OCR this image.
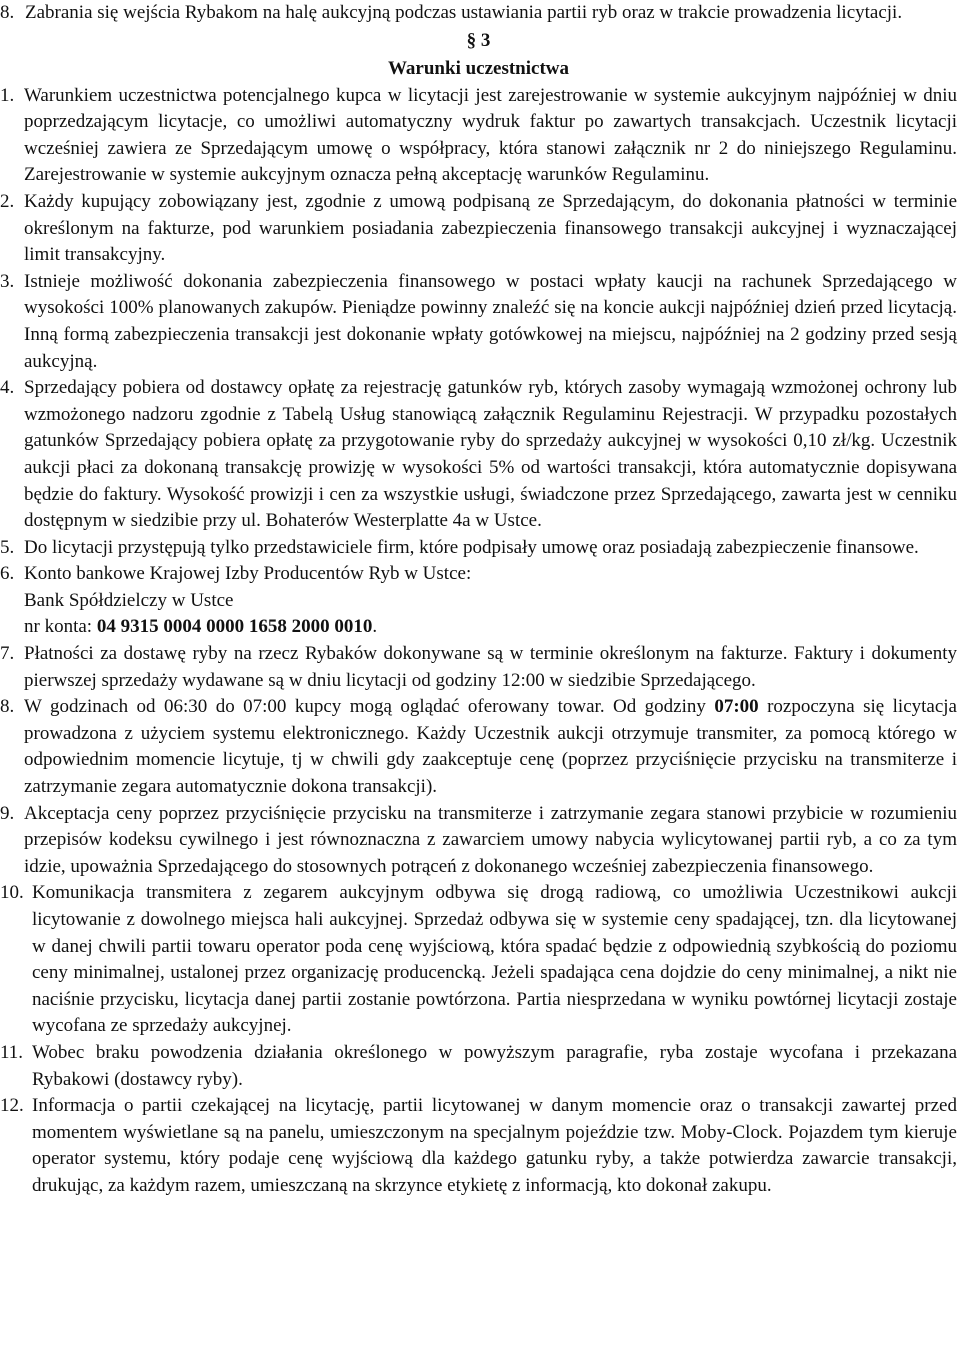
8. Zabrania się wejścia Rybakom na halę aukcyjną podczas ustawiania partii ryb oraz w trakcie prowadzenia licytacji.
§ 3
Warunki uczestnictwa
1. Warunkiem uczestnictwa potencjalnego kupca w licytacji jest zarejestrowanie w systemie aukcyjnym najpóźniej w dniu poprzedzającym licytacje, co umożliwi automatyczny wydruk faktur po zawartych transakcjach. Uczestnik licytacji wcześniej zawiera ze Sprzedającym umowę o współpracy, która stanowi załącznik nr 2 do niniejszego Regulaminu. Zarejestrowanie w systemie aukcyjnym oznacza pełną akceptację warunków Regulaminu.
2. Każdy kupujący zobowiązany jest, zgodnie z umową podpisaną ze Sprzedającym, do dokonania płatności w terminie określonym na fakturze, pod warunkiem posiadania zabezpieczenia finansowego transakcji aukcyjnej i wyznaczającej limit transakcyjny.
3. Istnieje możliwość dokonania zabezpieczenia finansowego w postaci wpłaty kaucji na rachunek Sprzedającego w wysokości 100% planowanych zakupów. Pieniądze powinny znaleźć się na koncie aukcji najpóźniej dzień przed licytacją. Inną formą zabezpieczenia transakcji jest dokonanie wpłaty gotówkowej na miejscu, najpóźniej na 2 godziny przed sesją aukcyjną.
4. Sprzedający pobiera od dostawcy opłatę za rejestrację gatunków ryb, których zasoby wymagają wzmożonej ochrony lub wzmożonego nadzoru zgodnie z Tabelą Usług stanowiącą załącznik Regulaminu Rejestracji. W przypadku pozostałych gatunków Sprzedający pobiera opłatę za przygotowanie ryby do sprzedaży aukcyjnej w wysokości 0,10 zł/kg. Uczestnik aukcji płaci za dokonaną transakcję prowizję w wysokości 5% od wartości transakcji, która automatycznie dopisywana będzie do faktury. Wysokość prowizji i cen za wszystkie usługi, świadczone przez Sprzedającego, zawarta jest w cenniku dostępnym w siedzibie przy ul. Bohaterów Westerplatte 4a w Ustce.
5. Do licytacji przystępują tylko przedstawiciele firm, które podpisały umowę oraz posiadają zabezpieczenie finansowe.
6. Konto bankowe Krajowej Izby Producentów Ryb w Ustce:
Bank Spółdzielczy w Ustce
nr konta: 04 9315 0004 0000 1658 2000 0010.
7. Płatności za dostawę ryby na rzecz Rybaków dokonywane są w terminie określonym na fakturze. Faktury i dokumenty pierwszej sprzedaży wydawane są w dniu licytacji od godziny 12:00 w siedzibie Sprzedającego.
8. W godzinach od 06:30 do 07:00 kupcy mogą oglądać oferowany towar. Od godziny 07:00 rozpoczyna się licytacja prowadzona z użyciem systemu elektronicznego. Każdy Uczestnik aukcji otrzymuje transmiter, za pomocą którego w odpowiednim momencie licytuje, tj w chwili gdy zaakceptuje cenę (poprzez przyciśnięcie przycisku na transmiterze i zatrzymanie zegara automatycznie dokona transakcji).
9. Akceptacja ceny poprzez przyciśnięcie przycisku na transmiterze i zatrzymanie zegara stanowi przybicie w rozumieniu przepisów kodeksu cywilnego i jest równoznaczna z zawarciem umowy nabycia wylicytowanej partii ryb, a co za tym idzie, upoważnia Sprzedającego do stosownych potrąceń z dokonanego wcześniej zabezpieczenia finansowego.
10. Komunikacja transmitera z zegarem aukcyjnym odbywa się drogą radiową, co umożliwia Uczestnikowi aukcji licytowanie z dowolnego miejsca hali aukcyjnej. Sprzedaż odbywa się w systemie ceny spadającej, tzn. dla licytowanej w danej chwili partii towaru operator poda cenę wyjściową, która spadać będzie z odpowiednią szybkością do poziomu ceny minimalnej, ustalonej przez organizację producencką. Jeżeli spadająca cena dojdzie do ceny minimalnej, a nikt nie naciśnie przycisku, licytacja danej partii zostanie powtórzona. Partia niesprzedana w wyniku powtórnej licytacji zostaje wycofana ze sprzedaży aukcyjnej.
11. Wobec braku powodzenia działania określonego w powyższym paragrafie, ryba zostaje wycofana i przekazana Rybakowi (dostawcy ryby).
12. Informacja o partii czekającej na licytację, partii licytowanej w danym momencie oraz o transakcji zawartej przed momentem wyświetlane są na panelu, umieszczonym na specjalnym pojeździe tzw. Moby-Clock. Pojazdem tym kieruje operator systemu, który podaje cenę wyjściową dla każdego gatunku ryby, a także potwierdza zawarcie transakcji, drukując, za każdym razem, umieszczaną na skrzynce etykietę z informacją, kto dokonał zakupu.
